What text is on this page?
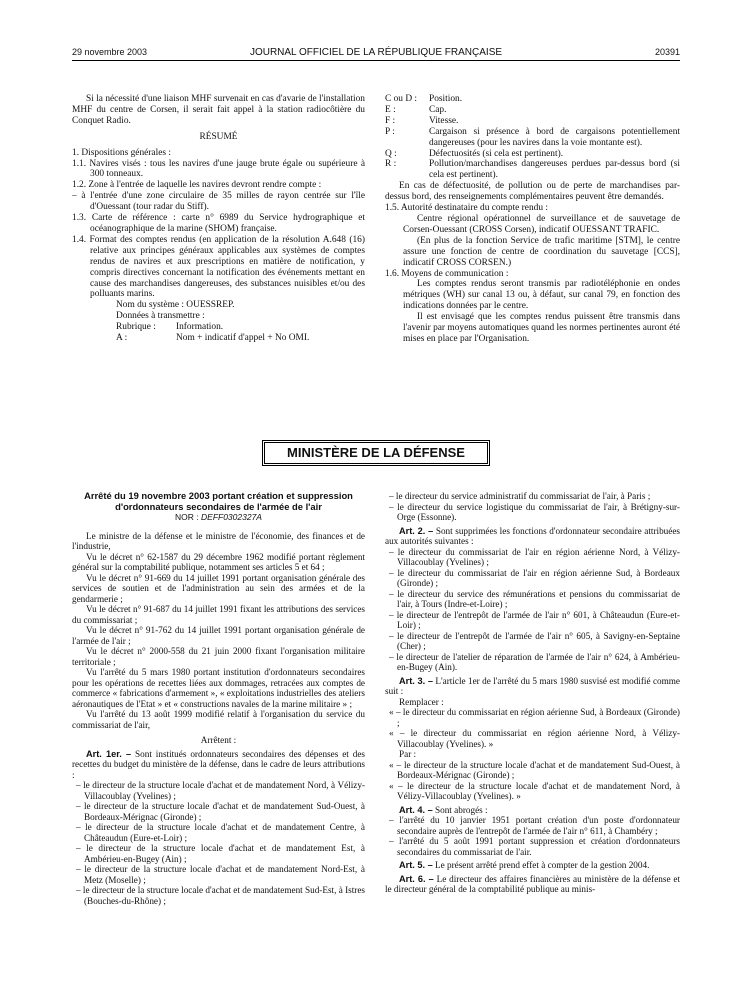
29 novembre 2003	JOURNAL OFFICIEL DE LA RÉPUBLIQUE FRANÇAISE	20391

Si la nécessité d'une liaison MHF survenait en cas d'avarie de l'installation MHF du centre de Corsen, il serait fait appel à la station radiocôtière du Conquet Radio.

RÉSUMÉ

1. Dispositions générales :

1.1. Navires visés : tous les navires d'une jauge brute égale ou supérieure à 300 tonneaux.

1.2. Zone à l'entrée de laquelle les navires devront rendre compte :

– à l'entrée d'une zone circulaire de 35 milles de rayon centrée sur l'île d'Ouessant (tour radar du Stiff).

1.3. Carte de référence : carte n° 6989 du Service hydrographique et océanographique de la marine (SHOM) française.

1.4. Format des comptes rendus (en application de la résolution A.648 (16) relative aux principes généraux applicables aux systèmes de comptes rendus de navires et aux prescriptions en matière de notification, y compris directives concernant la notification des événements mettant en cause des marchandises dangereuses, des substances nuisibles et/ou des polluants marins.

Nom du système : OUESSREP.

Données à transmettre :

Rubrique :	Information.
A :	Nom + indicatif d'appel + No OMI.
C ou D :	Position.
E :	Cap.
F :	Vitesse.
P :	Cargaison si présence à bord de cargaisons potentiellement dangereuses (pour les navires dans la voie montante est).
Q :	Défectuosités (si cela est pertinent).
R :	Pollution/marchandises dangereuses perdues par-dessus bord (si cela est pertinent).

En cas de défectuosité, de pollution ou de perte de marchandises par-dessus bord, des renseignements complémentaires peuvent être demandés.

1.5. Autorité destinataire du compte rendu :

Centre régional opérationnel de surveillance et de sauvetage de Corsen-Ouessant (CROSS Corsen), indicatif OUESSANT TRAFIC.

(En plus de la fonction Service de trafic maritime [STM], le centre assure une fonction de centre de coordination du sauvetage [CCS], indicatif CROSS CORSEN.)

1.6. Moyens de communication :

Les comptes rendus seront transmis par radiotéléphonie en ondes métriques (WH) sur canal 13 ou, à défaut, sur canal 79, en fonction des indications données par le centre.

Il est envisagé que les comptes rendus puissent être transmis dans l'avenir par moyens automatiques quand les normes pertinentes auront été mises en place par l'Organisation.

MINISTÈRE DE LA DÉFENSE

Arrêté du 19 novembre 2003 portant création et suppression d'ordonnateurs secondaires de l'armée de l'air

NOR : DEFF0302327A

Le ministre de la défense et le ministre de l'économie, des finances et de l'industrie,

Vu le décret n° 62-1587 du 29 décembre 1962 modifié portant règlement général sur la comptabilité publique, notamment ses articles 5 et 64 ;

Vu le décret n° 91-669 du 14 juillet 1991 portant organisation générale des services de soutien et de l'administration au sein des armées et de la gendarmerie ;

Vu le décret n° 91-687 du 14 juillet 1991 fixant les attributions des services du commissariat ;

Vu le décret n° 91-762 du 14 juillet 1991 portant organisation générale de l'armée de l'air ;

Vu le décret n° 2000-558 du 21 juin 2000 fixant l'organisation militaire territoriale ;

Vu l'arrêté du 5 mars 1980 portant institution d'ordonnateurs secondaires pour les opérations de recettes liées aux dommages, retracées aux comptes de commerce « fabrications d'armement », « exploitations industrielles des ateliers aéronautiques de l'Etat » et « constructions navales de la marine militaire » ;

Vu l'arrêté du 13 août 1999 modifié relatif à l'organisation du service du commissariat de l'air,

Arrêtent :

Art. 1er. – Sont institués ordonnateurs secondaires des dépenses et des recettes du budget du ministère de la défense, dans le cadre de leurs attributions :

– le directeur de la structure locale d'achat et de mandatement Nord, à Vélizy-Villacoublay (Yvelines) ;

– le directeur de la structure locale d'achat et de mandatement Sud-Ouest, à Bordeaux-Mérignac (Gironde) ;

– le directeur de la structure locale d'achat et de mandatement Centre, à Châteaudun (Eure-et-Loir) ;

– le directeur de la structure locale d'achat et de mandatement Est, à Ambérieu-en-Bugey (Ain) ;

– le directeur de la structure locale d'achat et de mandatement Nord-Est, à Metz (Moselle) ;

– le directeur de la structure locale d'achat et de mandatement Sud-Est, à Istres (Bouches-du-Rhône) ;

– le directeur du service administratif du commissariat de l'air, à Paris ;

– le directeur du service logistique du commissariat de l'air, à Brétigny-sur-Orge (Essonne).

Art. 2. – Sont supprimées les fonctions d'ordonnateur secondaire attribuées aux autorités suivantes :

– le directeur du commissariat de l'air en région aérienne Nord, à Vélizy-Villacoublay (Yvelines) ;

– le directeur du commissariat de l'air en région aérienne Sud, à Bordeaux (Gironde) ;

– le directeur du service des rémunérations et pensions du commissariat de l'air, à Tours (Indre-et-Loire) ;

– le directeur de l'entrepôt de l'armée de l'air n° 601, à Châteaudun (Eure-et-Loir) ;

– le directeur de l'entrepôt de l'armée de l'air n° 605, à Savigny-en-Septaine (Cher) ;

– le directeur de l'atelier de réparation de l'armée de l'air n° 624, à Ambérieu-en-Bugey (Ain).

Art. 3. – L'article 1er de l'arrêté du 5 mars 1980 susvisé est modifié comme suit :

Remplacer :

« – le directeur du commissariat en région aérienne Sud, à Bordeaux (Gironde) ;

« – le directeur du commissariat en région aérienne Nord, à Vélizy-Villacoublay (Yvelines). »

Par :

« – le directeur de la structure locale d'achat et de mandatement Sud-Ouest, à Bordeaux-Mérignac (Gironde) ;

« – le directeur de la structure locale d'achat et de mandatement Nord, à Vélizy-Villacoublay (Yvelines). »

Art. 4. – Sont abrogés :

– l'arrêté du 10 janvier 1951 portant création d'un poste d'ordonnateur secondaire auprès de l'entrepôt de l'armée de l'air n° 611, à Chambéry ;

– l'arrêté du 5 août 1991 portant suppression et création d'ordonnateurs secondaires du commissariat de l'air.

Art. 5. – Le présent arrêté prend effet à compter de la gestion 2004.

Art. 6. – Le directeur des affaires financières au ministère de la défense et le directeur général de la comptabilité publique au minis-
